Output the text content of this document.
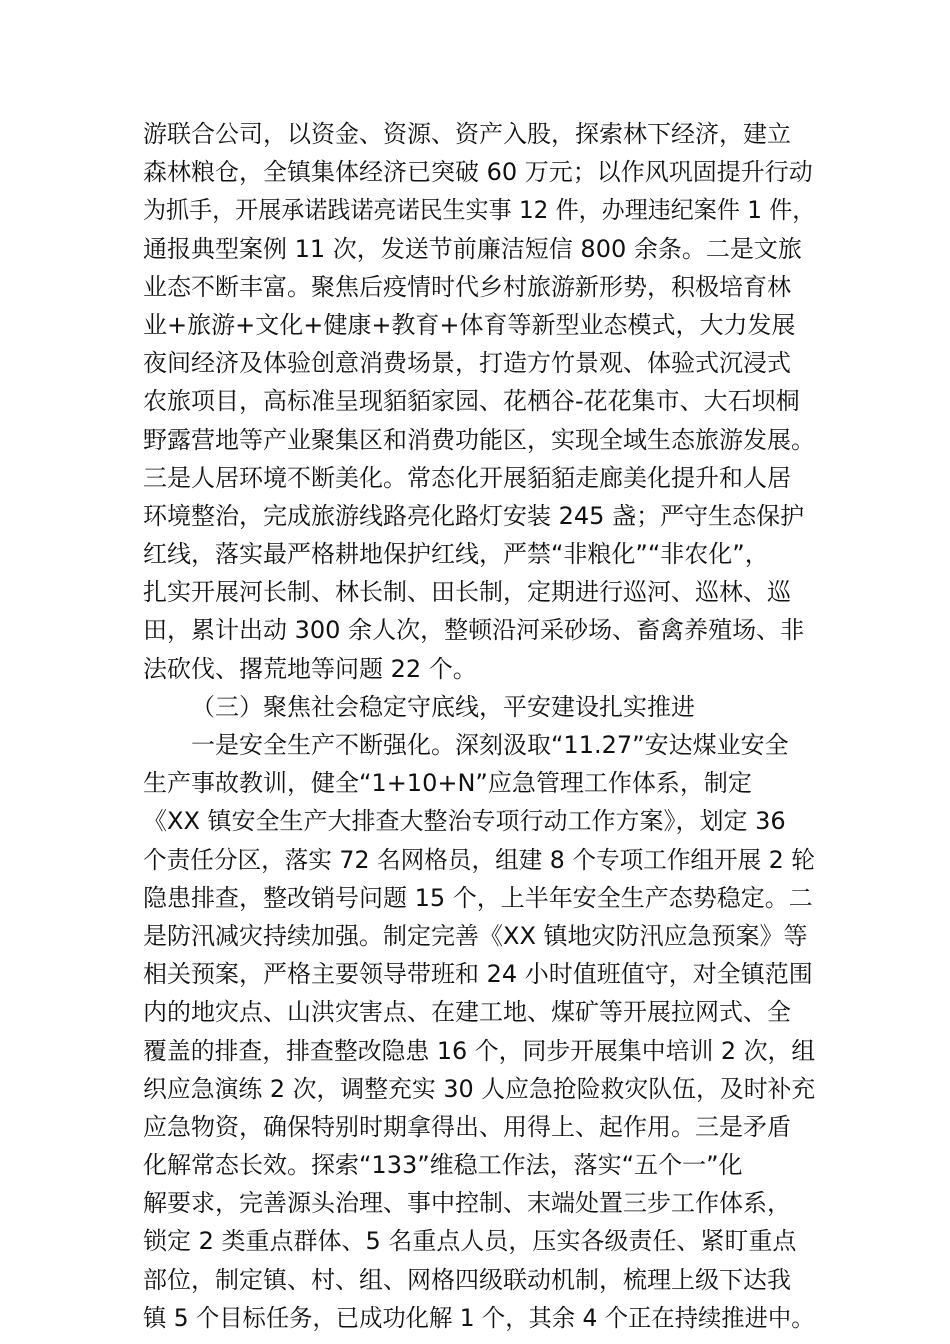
游联合公司，以资金、资源、资产入股，探索林下经济，建立
森林粮仓，全镇集体经济已突破 60 万元；以作风巩固提升行动
为抓手，开展承诺践诺亮诺民生实事 12 件，办理违纪案件 1 件，
通报典型案例 11 次，发送节前廉洁短信 800 余条。二是文旅
业态不断丰富。聚焦后疫情时代乡村旅游新形势，积极培育林
业+旅游+文化+健康+教育+体育等新型业态模式，大力发展
夜间经济及体验创意消费场景，打造方竹景观、体验式沉浸式
农旅项目，高标准呈现貊貊家园、花栖谷-花花集市、大石坝桐
野露营地等产业聚集区和消费功能区，实现全域生态旅游发展。
三是人居环境不断美化。常态化开展貊貊走廊美化提升和人居
环境整治，完成旅游线路亮化路灯安装 245 盏；严守生态保护
红线，落实最严格耕地保护红线，严禁“非粮化”“非农化”，
扎实开展河长制、林长制、田长制，定期进行巡河、巡林、巡
田，累计出动 300 余人次，整顿沿河采砂场、畜禽养殖场、非
法砍伐、撂荒地等问题 22 个。
（三）聚焦社会稳定守底线，平安建设扎实推进
一是安全生产不断强化。深刻汲取“11.27”安达煤业安全
生产事故教训，健全“1+10+N”应急管理工作体系，制定
《XX 镇安全生产大排查大整治专项行动工作方案》，划定 36
个责任分区，落实 72 名网格员，组建 8 个专项工作组开展 2 轮
隐患排查，整改销号问题 15 个，上半年安全生产态势稳定。二
是防汛减灾持续加强。制定完善《XX 镇地灾防汛应急预案》等
相关预案，严格主要领导带班和 24 小时值班值守，对全镇范围
内的地灾点、山洪灾害点、在建工地、煤矿等开展拉网式、全
覆盖的排查，排查整改隐患 16 个，同步开展集中培训 2 次，组
织应急演练 2 次，调整充实 30 人应急抢险救灾队伍，及时补充
应急物资，确保特别时期拿得出、用得上、起作用。三是矛盾
化解常态长效。探索“133”维稳工作法，落实“五个一”化
解要求，完善源头治理、事中控制、末端处置三步工作体系，
锁定 2 类重点群体、5 名重点人员，压实各级责任、紧盯重点
部位，制定镇、村、组、网格四级联动机制，梳理上级下达我
镇 5 个目标任务，已成功化解 1 个，其余 4 个正在持续推进中。
